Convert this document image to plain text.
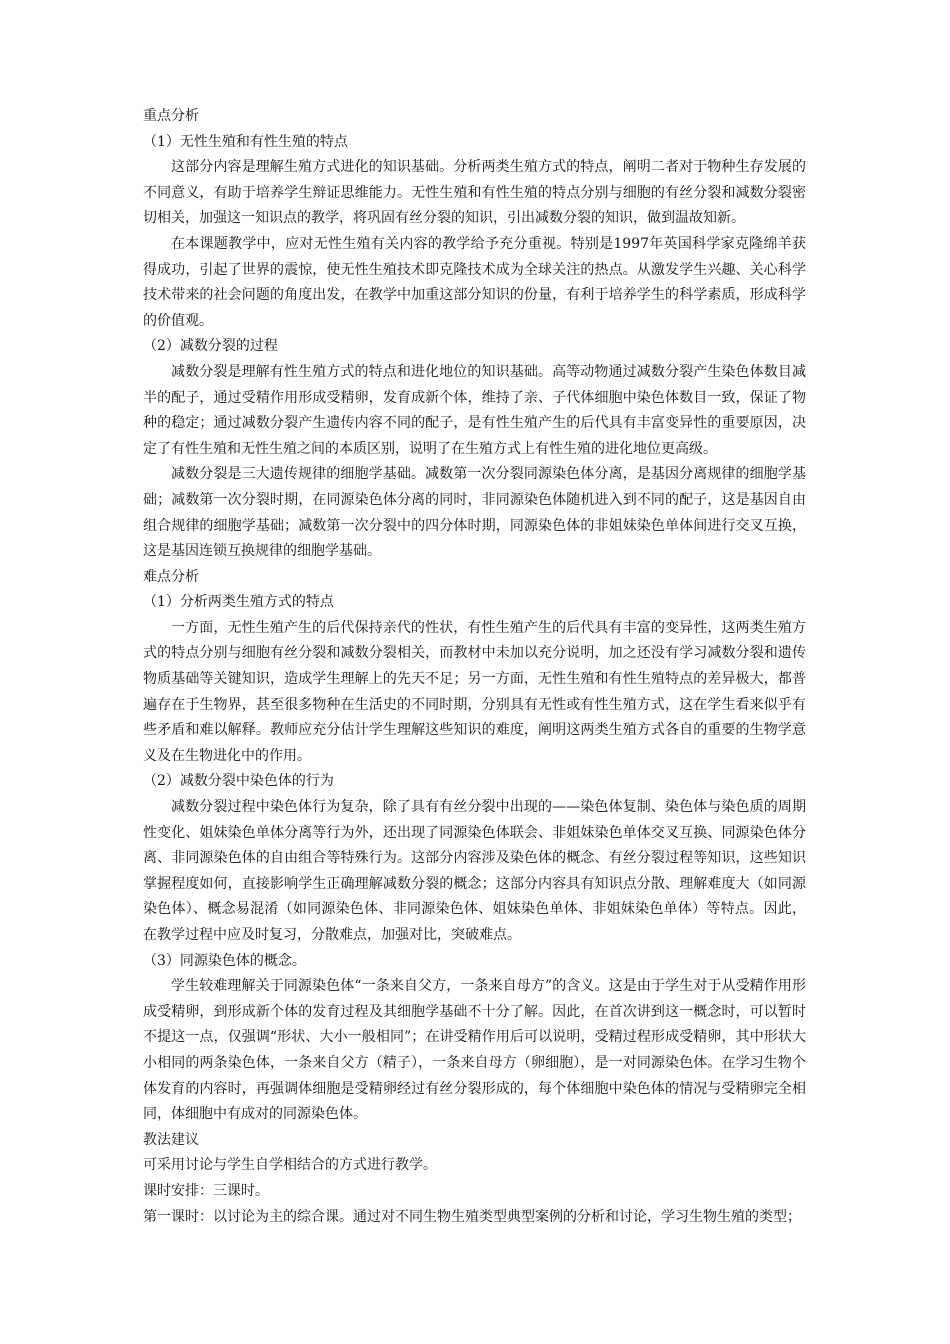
重点分析

（1）无性生殖和有性生殖的特点

这部分内容是理解生殖方式进化的知识基础。分析两类生殖方式的特点，阐明二者对于物种生存发展的不同意义，有助于培养学生辩证思维能力。无性生殖和有性生殖的特点分别与细胞的有丝分裂和减数分裂密切相关，加强这一知识点的教学，将巩固有丝分裂的知识，引出减数分裂的知识，做到温故知新。

在本课题教学中，应对无性生殖有关内容的教学给予充分重视。特别是1997年英国科学家克隆绵羊获得成功，引起了世界的震惊，使无性生殖技术即克隆技术成为全球关注的热点。从激发学生兴趣、关心科学技术带来的社会问题的角度出发，在教学中加重这部分知识的份量，有利于培养学生的科学素质，形成科学的价值观。

（2）减数分裂的过程

减数分裂是理解有性生殖方式的特点和进化地位的知识基础。高等动物通过减数分裂产生染色体数目减半的配子，通过受精作用形成受精卵，发育成新个体，维持了亲、子代体细胞中染色体数目一致，保证了物种的稳定；通过减数分裂产生遗传内容不同的配子，是有性生殖产生的后代具有丰富变异性的重要原因，决定了有性生殖和无性生殖之间的本质区别，说明了在生殖方式上有性生殖的进化地位更高级。

减数分裂是三大遗传规律的细胞学基础。减数第一次分裂同源染色体分离，是基因分离规律的细胞学基础；减数第一次分裂时期，在同源染色体分离的同时，非同源染色体随机进入到不同的配子，这是基因自由组合规律的细胞学基础；减数第一次分裂中的四分体时期，同源染色体的非姐妹染色单体间进行交叉互换，这是基因连锁互换规律的细胞学基础。

难点分析

（1）分析两类生殖方式的特点

一方面，无性生殖产生的后代保持亲代的性状，有性生殖产生的后代具有丰富的变异性，这两类生殖方式的特点分别与细胞有丝分裂和减数分裂相关，而教材中未加以充分说明，加之还没有学习减数分裂和遗传物质基础等关键知识，造成学生理解上的先天不足；另一方面，无性生殖和有性生殖特点的差异极大，都普遍存在于生物界，甚至很多物种在生活史的不同时期，分别具有无性或有性生殖方式，这在学生看来似乎有些矛盾和难以解释。教师应充分估计学生理解这些知识的难度，阐明这两类生殖方式各自的重要的生物学意义及在生物进化中的作用。

（2）减数分裂中染色体的行为

减数分裂过程中染色体行为复杂，除了具有有丝分裂中出现的——染色体复制、染色体与染色质的周期性变化、姐妹染色单体分离等行为外，还出现了同源染色体联会、非姐妹染色单体交叉互换、同源染色体分离、非同源染色体的自由组合等特殊行为。这部分内容涉及染色体的概念、有丝分裂过程等知识，这些知识掌握程度如何，直接影响学生正确理解减数分裂的概念；这部分内容具有知识点分散、理解难度大（如同源染色体）、概念易混淆（如同源染色体、非同源染色体、姐妹染色单体、非姐妹染色单体）等特点。因此，在教学过程中应及时复习，分散难点，加强对比，突破难点。

（3）同源染色体的概念。

学生较难理解关于同源染色体“一条来自父方，一条来自母方”的含义。这是由于学生对于从受精作用形成受精卵，到形成新个体的发育过程及其细胞学基础不十分了解。因此，在首次讲到这一概念时，可以暂时不提这一点，仅强调“形状、大小一般相同”；在讲受精作用后可以说明，受精过程形成受精卵，其中形状大小相同的两条染色体，一条来自父方（精子），一条来自母方（卵细胞），是一对同源染色体。在学习生物个体发育的内容时，再强调体细胞是受精卵经过有丝分裂形成的，每个体细胞中染色体的情况与受精卵完全相同，体细胞中有成对的同源染色体。

教法建议

可采用讨论与学生自学相结合的方式进行教学。

课时安排：三课时。

第一课时：以讨论为主的综合课。通过对不同生物生殖类型典型案例的分析和讨论，学习生物生殖的类型；
